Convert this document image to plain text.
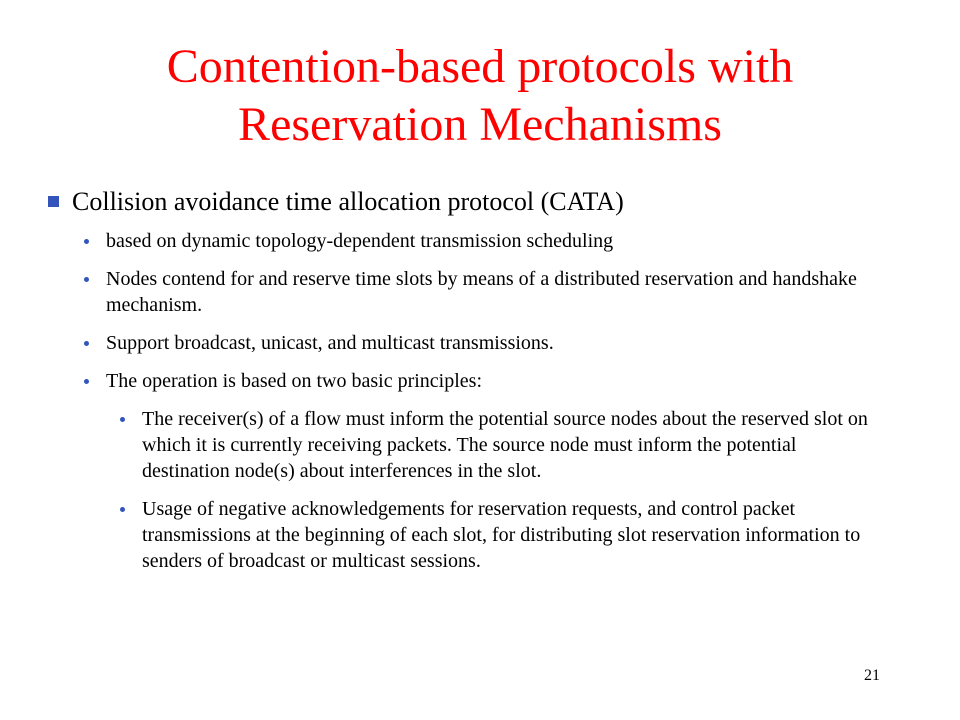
Contention-based protocols with
Reservation Mechanisms
Collision avoidance time allocation protocol (CATA)
based on dynamic topology-dependent transmission scheduling
Nodes contend for and reserve time slots by means of a distributed reservation and handshake mechanism.
Support broadcast, unicast, and multicast transmissions.
The operation is based on two basic principles:
The receiver(s) of a flow must inform the potential source nodes about the reserved slot on which it is currently receiving packets. The source node must inform the potential destination node(s) about interferences in the slot.
Usage of negative acknowledgements for reservation requests, and control packet transmissions at the beginning of each slot, for distributing slot reservation information to senders of broadcast or multicast sessions.
21
